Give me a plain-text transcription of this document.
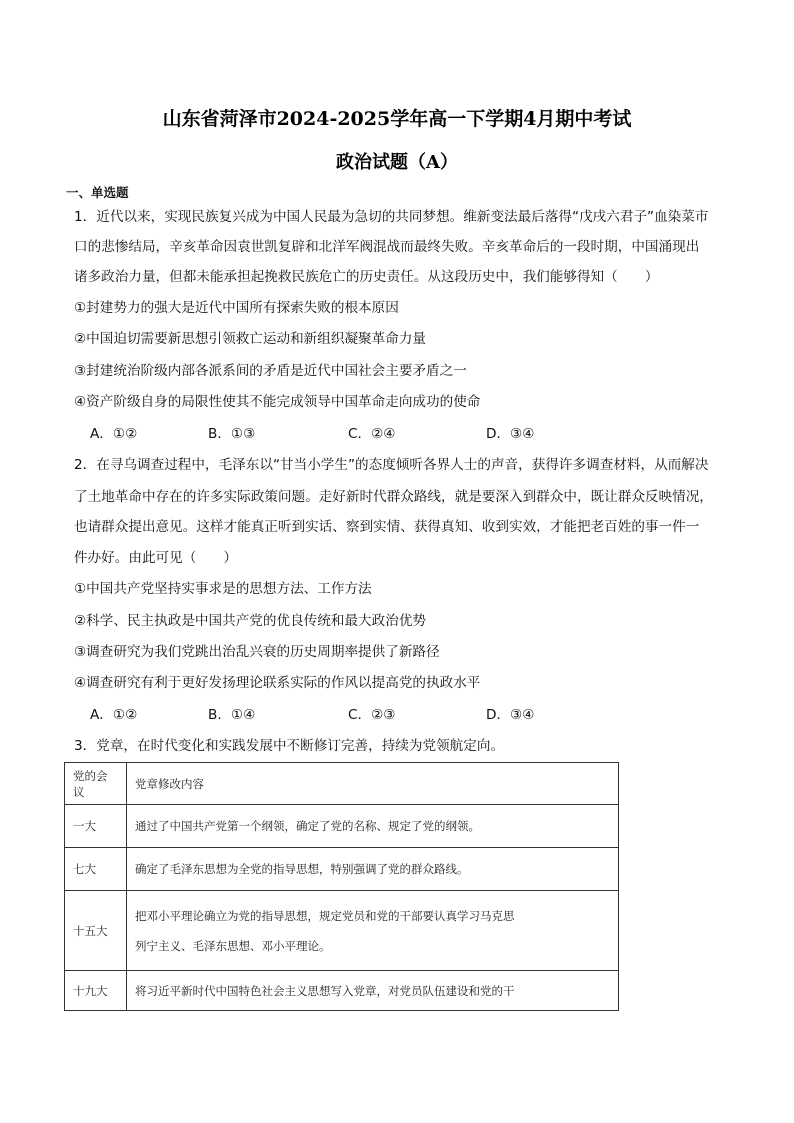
山东省菏泽市2024-2025学年高一下学期4月期中考试
政治试题（A）
一、单选题
1．近代以来，实现民族复兴成为中国人民最为急切的共同梦想。维新变法最后落得“戊戌六君子”血染菜市
口的悲惨结局，辛亥革命因袁世凯复辟和北洋军阀混战而最终失败。辛亥革命后的一段时期，中国涌现出
诸多政治力量，但都未能承担起挽救民族危亡的历史责任。从这段历史中，我们能够得知（　　）
①封建势力的强大是近代中国所有探索失败的根本原因
②中国迫切需要新思想引领救亡运动和新组织凝聚革命力量
③封建统治阶级内部各派系间的矛盾是近代中国社会主要矛盾之一
④资产阶级自身的局限性使其不能完成领导中国革命走向成功的使命
A．①②	B．①③	C．②④	D．③④
2．在寻乌调查过程中，毛泽东以“甘当小学生”的态度倾听各界人士的声音，获得许多调查材料，从而解决
了土地革命中存在的许多实际政策问题。走好新时代群众路线，就是要深入到群众中，既让群众反映情况，
也请群众提出意见。这样才能真正听到实话、察到实情、获得真知、收到实效，才能把老百姓的事一件一
件办好。由此可见（　　）
①中国共产党坚持实事求是的思想方法、工作方法
②科学、民主执政是中国共产党的优良传统和最大政治优势
③调查研究为我们党跳出治乱兴衰的历史周期率提供了新路径
④调查研究有利于更好发扬理论联系实际的作风以提高党的执政水平
A．①②	B．①④	C．②③	D．③④
3．党章，在时代变化和实践发展中不断修订完善，持续为党领航定向。
党的会议	党章修改内容
一大	通过了中国共产党第一个纲领，确定了党的名称、规定了党的纲领。

七大	确定了毛泽东思想为全党的指导思想，特别强调了党的群众路线。

十五大	把邓小平理论确立为党的指导思想，规定党员和党的干部要认真学习马克思
列宁主义、毛泽东思想、邓小平理论。

十九大	将习近平新时代中国特色社会主义思想写入党章，对党员队伍建设和党的干
